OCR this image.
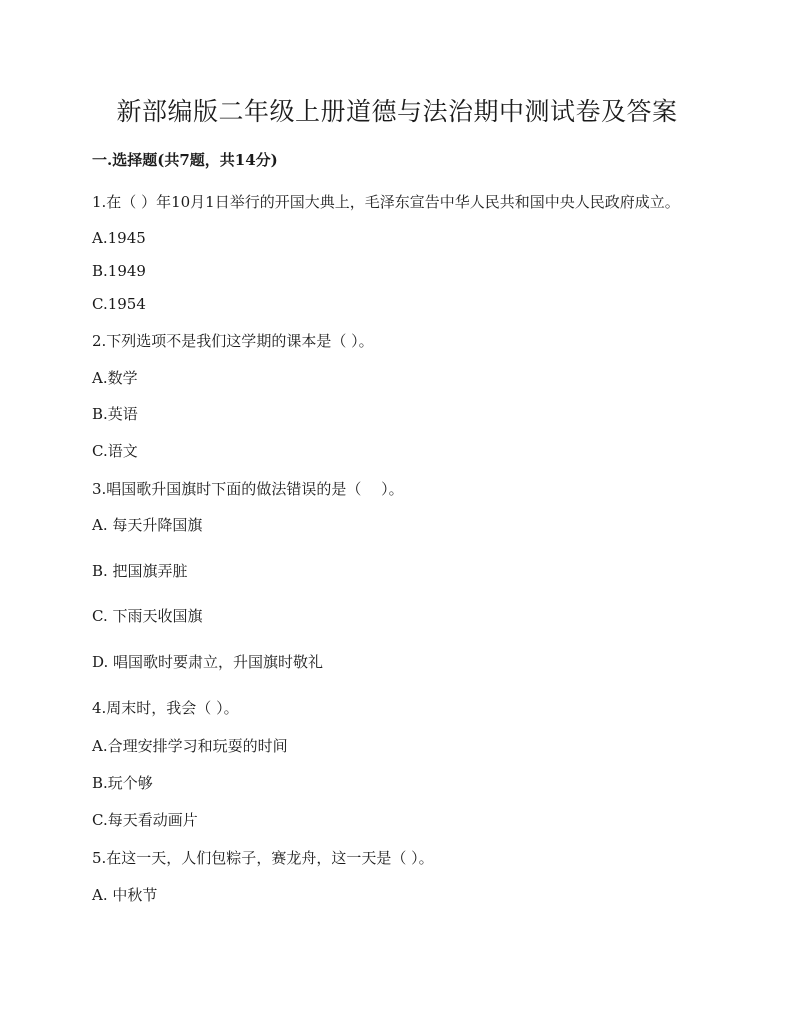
新部编版二年级上册道德与法治期中测试卷及答案
一.选择题(共7题，共14分)
1.在（ ）年10月1日举行的开国大典上，毛泽东宣告中华人民共和国中央人民政府成立。
A.1945
B.1949
C.1954
2.下列选项不是我们这学期的课本是（ ）。
A.数学
B.英语
C.语文
3.唱国歌升国旗时下面的做法错误的是（　 ）。
A. 每天升降国旗
B. 把国旗弄脏
C. 下雨天收国旗
D. 唱国歌时要肃立，升国旗时敬礼
4.周末时，我会（ ）。
A.合理安排学习和玩耍的时间
B.玩个够
C.每天看动画片
5.在这一天，人们包粽子，赛龙舟，这一天是（ ）。
A. 中秋节
